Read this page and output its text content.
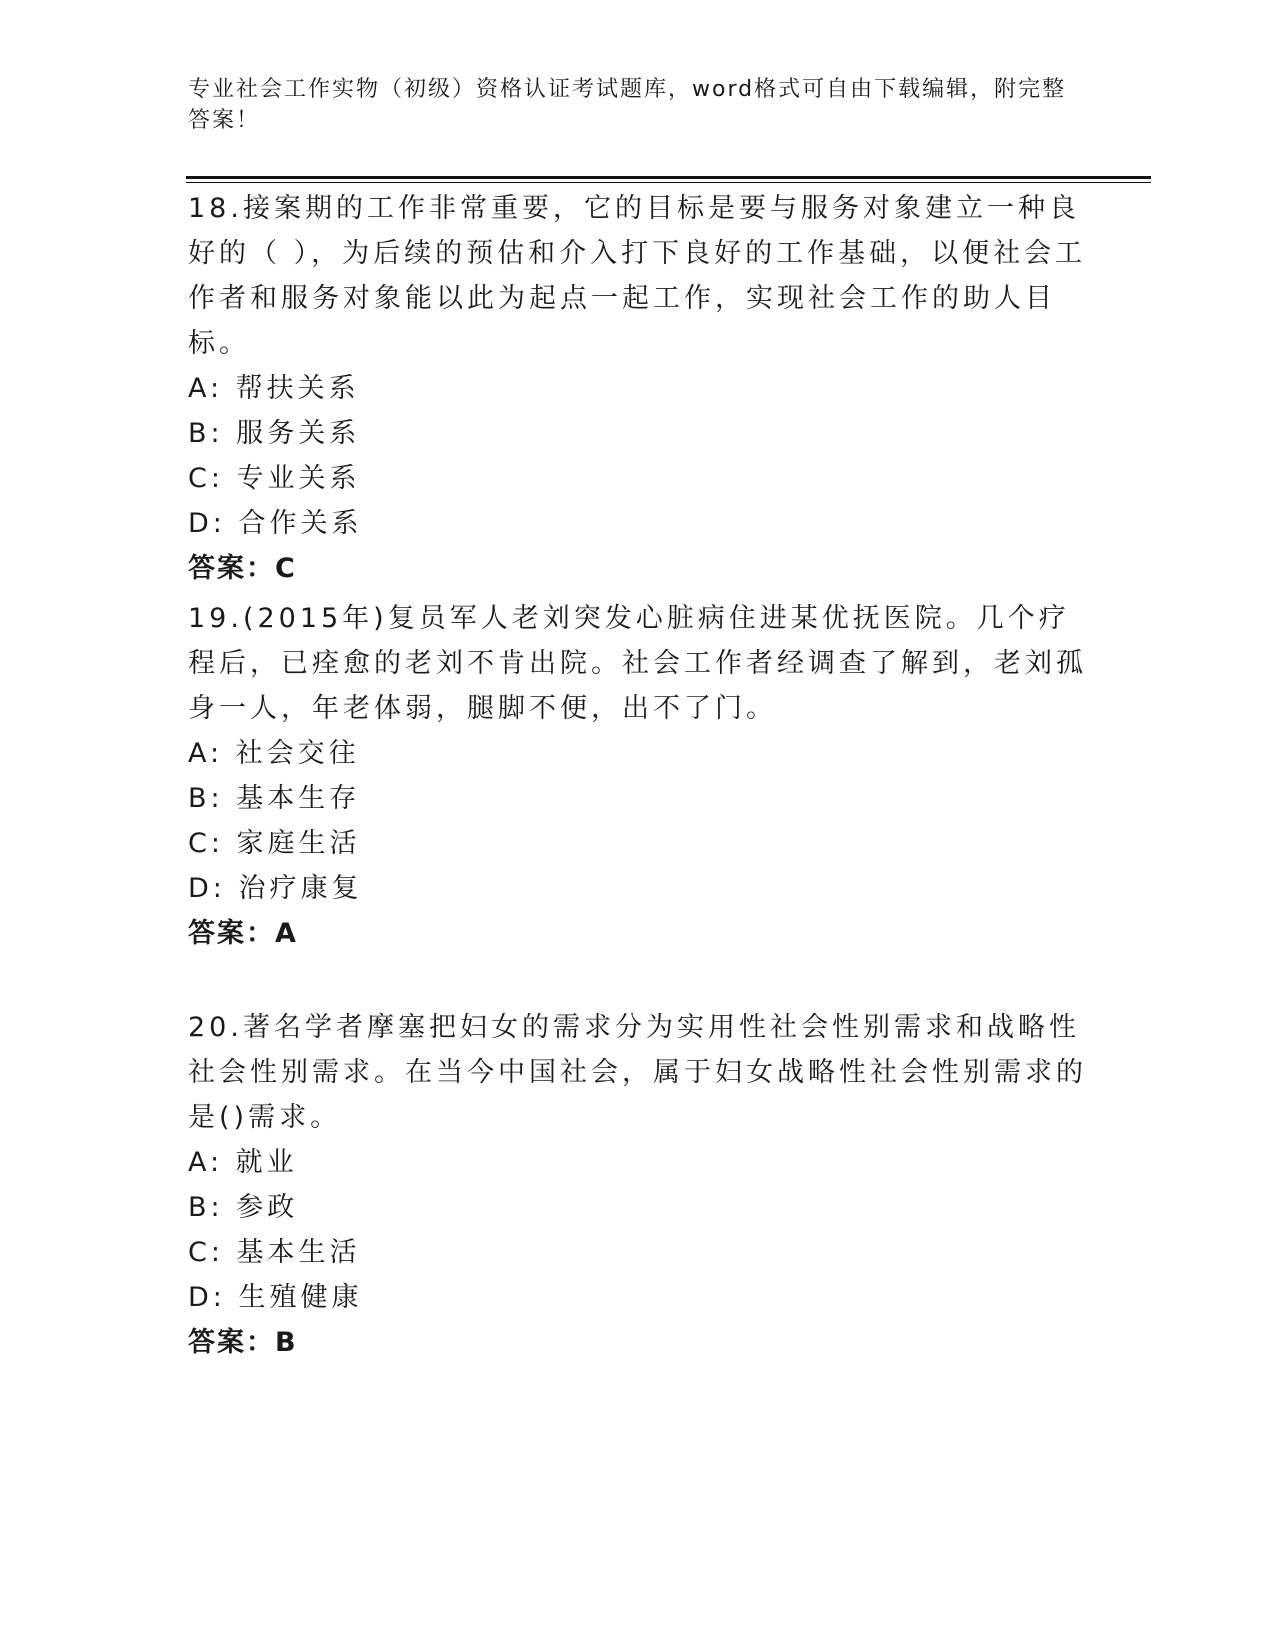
专业社会工作实物（初级）资格认证考试题库，word格式可自由下载编辑，附完整答案！

18.接案期的工作非常重要，它的目标是要与服务对象建立一种良好的（ ），为后续的预估和介入打下良好的工作基础，以便社会工作者和服务对象能以此为起点一起工作，实现社会工作的助人目标。

A: 帮扶关系

B: 服务关系

C: 专业关系

D: 合作关系

答案：C

19.(2015年)复员军人老刘突发心脏病住进某优抚医院。几个疗程后，已痊愈的老刘不肯出院。社会工作者经调查了解到，老刘孤身一人，年老体弱，腿脚不便，出不了门。

A: 社会交往

B: 基本生存

C: 家庭生活

D: 治疗康复

答案：A

20.著名学者摩塞把妇女的需求分为实用性社会性别需求和战略性社会性别需求。在当今中国社会，属于妇女战略性社会性别需求的是()需求。

A: 就业

B: 参政

C: 基本生活

D: 生殖健康

答案：B
